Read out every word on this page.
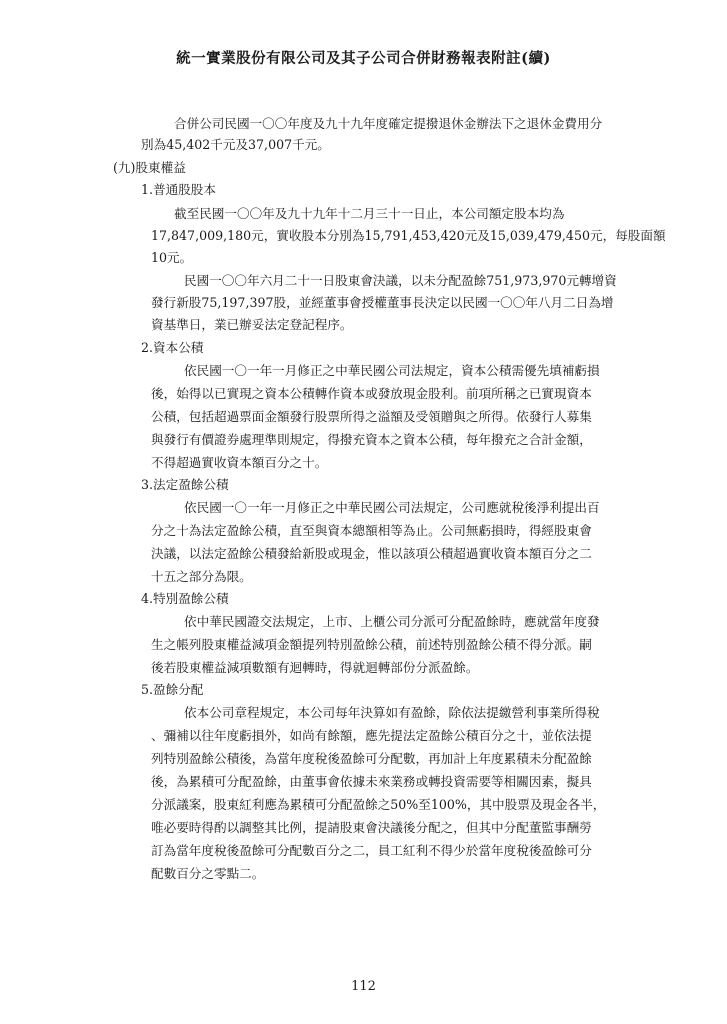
統一實業股份有限公司及其子公司合併財務報表附註(續)
合併公司民國一〇〇年度及九十九年度確定提撥退休金辦法下之退休金費用分
別為45,402千元及37,007千元。
(九)股東權益
1.普通股股本
截至民國一〇〇年及九十九年十二月三十一日止，本公司額定股本均為
17,847,009,180元，實收股本分別為15,791,453,420元及15,039,479,450元，每股面額
10元。
民國一〇〇年六月二十一日股東會決議，以未分配盈餘751,973,970元轉增資
發行新股75,197,397股，並經董事會授權董事長決定以民國一〇〇年八月二日為增
資基準日，業已辦妥法定登記程序。
2.資本公積
依民國一〇一年一月修正之中華民國公司法規定，資本公積需優先填補虧損
後，始得以已實現之資本公積轉作資本或發放現金股利。前項所稱之已實現資本
公積，包括超過票面金額發行股票所得之溢額及受領贈與之所得。依發行人募集
與發行有價證券處理準則規定，得撥充資本之資本公積，每年撥充之合計金額，
不得超過實收資本額百分之十。
3.法定盈餘公積
依民國一〇一年一月修正之中華民國公司法規定，公司應就稅後淨利提出百
分之十為法定盈餘公積，直至與資本總額相等為止。公司無虧損時，得經股東會
決議，以法定盈餘公積發給新股或現金，惟以該項公積超過實收資本額百分之二
十五之部分為限。
4.特別盈餘公積
依中華民國證交法規定，上市、上櫃公司分派可分配盈餘時，應就當年度發
生之帳列股東權益減項金額提列特別盈餘公積，前述特別盈餘公積不得分派。嗣
後若股東權益減項數額有迴轉時，得就迴轉部份分派盈餘。
5.盈餘分配
依本公司章程規定，本公司每年決算如有盈餘，除依法提繳營利事業所得稅
、彌補以往年度虧損外，如尚有餘額，應先提法定盈餘公積百分之十，並依法提
列特別盈餘公積後，為當年度稅後盈餘可分配數，再加計上年度累積未分配盈餘
後，為累積可分配盈餘，由董事會依據未來業務或轉投資需要等相關因素，擬具
分派議案，股東紅利應為累積可分配盈餘之50%至100%，其中股票及現金各半，
唯必要時得酌以調整其比例，提請股東會決議後分配之，但其中分配董監事酬勞
訂為當年度稅後盈餘可分配數百分之二，員工紅利不得少於當年度稅後盈餘可分
配數百分之零點二。
112
